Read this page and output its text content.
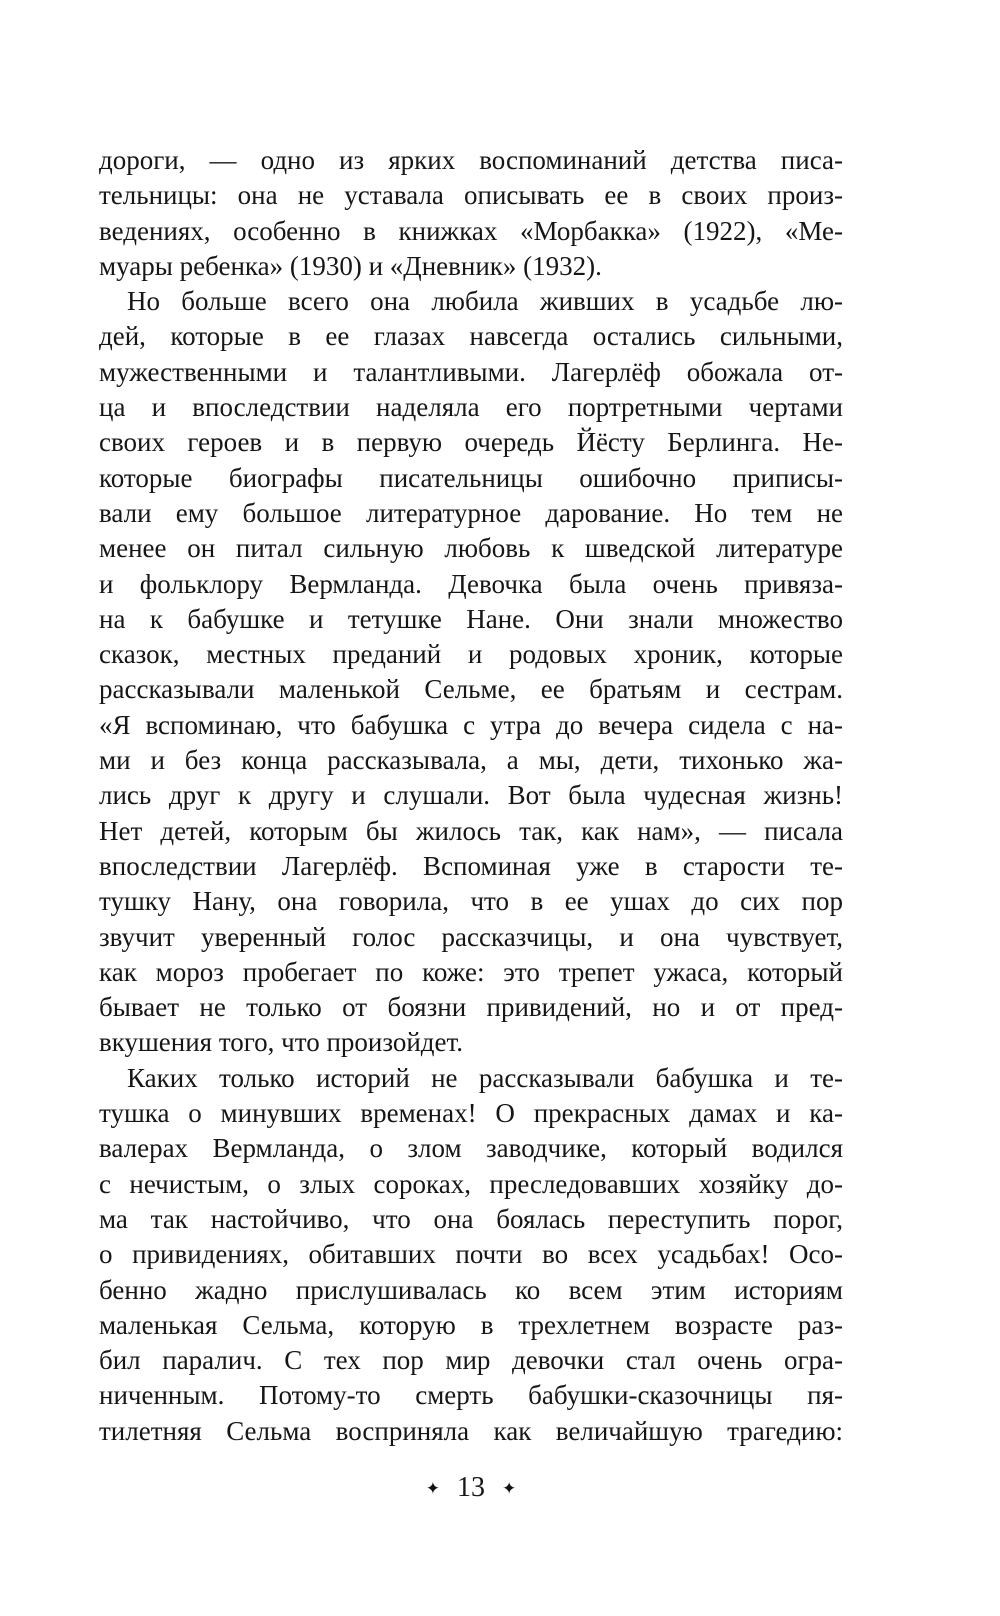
дороги, — одно из ярких воспоминаний детства писа-
тельницы: она не уставала описывать ее в своих произ-
ведениях, особенно в книжках «Морбакка» (1922), «Ме-
муары ребенка» (1930) и «Дневник» (1932).
Но больше всего она любила живших в усадьбе лю-
дей, которые в ее глазах навсегда остались сильными,
мужественными и талантливыми. Лагерлёф обожала от-
ца и впоследствии наделяла его портретными чертами
своих героев и в первую очередь Йёсту Берлинга. Не-
которые биографы писательницы ошибочно приписы-
вали ему большое литературное дарование. Но тем не
менее он питал сильную любовь к шведской литературе
и фольклору Вермланда. Девочка была очень привяза-
на к бабушке и тетушке Нане. Они знали множество
сказок, местных преданий и родовых хроник, которые
рассказывали маленькой Сельме, ее братьям и сестрам.
«Я вспоминаю, что бабушка с утра до вечера сидела с на-
ми и без конца рассказывала, а мы, дети, тихонько жа-
лись друг к другу и слушали. Вот была чудесная жизнь!
Нет детей, которым бы жилось так, как нам», — писала
впоследствии Лагерлёф. Вспоминая уже в старости те-
тушку Нану, она говорила, что в ее ушах до сих пор
звучит уверенный голос рассказчицы, и она чувствует,
как мороз пробегает по коже: это трепет ужаса, который
бывает не только от боязни привидений, но и от пред-
вкушения того, что произойдет.
Каких только историй не рассказывали бабушка и те-
тушка о минувших временах! О прекрасных дамах и ка-
валерах Вермланда, о злом заводчике, который водился
с нечистым, о злых сороках, преследовавших хозяйку до-
ма так настойчиво, что она боялась переступить порог,
о привидениях, обитавших почти во всех усадьбах! Осо-
бенно жадно прислушивалась ко всем этим историям
маленькая Сельма, которую в трехлетнем возрасте раз-
бил паралич. С тех пор мир девочки стал очень огра-
ниченным. Потому-то смерть бабушки-сказочницы пя-
тилетняя Сельма восприняла как величайшую трагедию:
✦ 13 ✦
